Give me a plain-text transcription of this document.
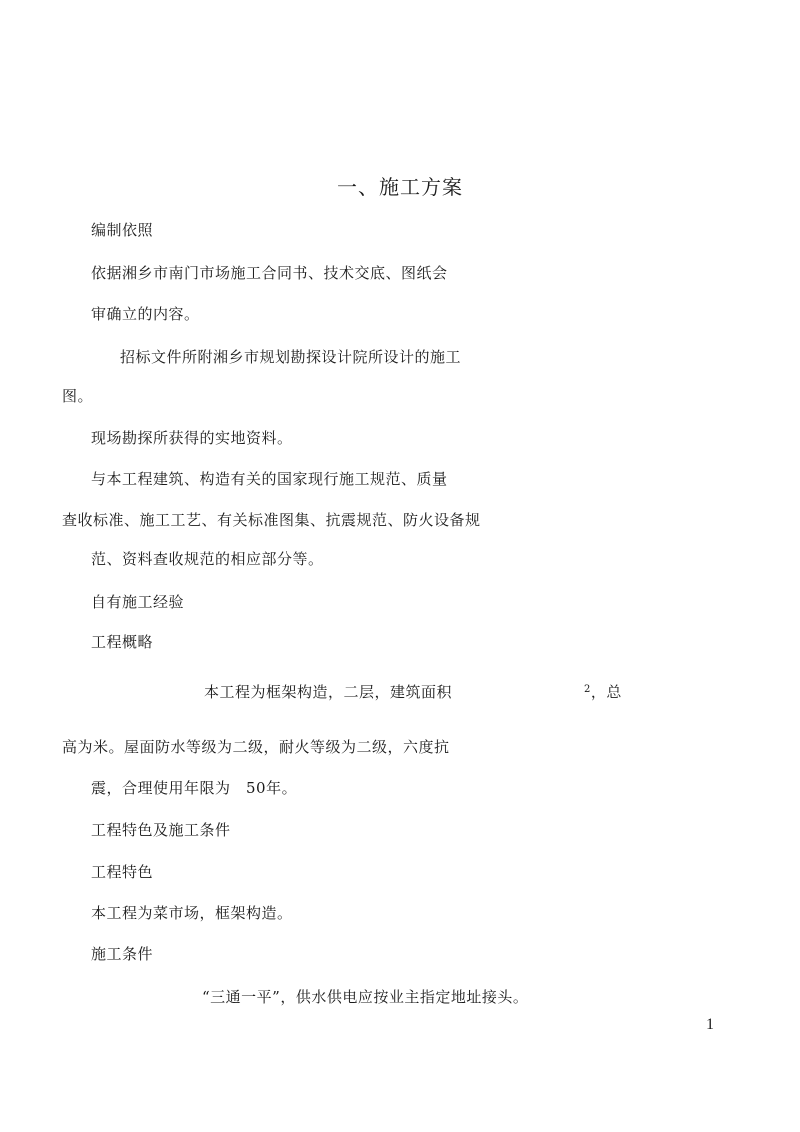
一、施工方案
编制依照
依据湘乡市南门市场施工合同书、技术交底、图纸会
审确立的内容。
招标文件所附湘乡市规划勘探设计院所设计的施工
图。
现场勘探所获得的实地资料。
与本工程建筑、构造有关的国家现行施工规范、质量
查收标准、施工工艺、有关标准图集、抗震规范、防火设备规
范、资料查收规范的相应部分等。
自有施工经验
工程概略
本工程为框架构造，二层，建筑面积	$^2$，总
高为米。屋面防水等级为二级，耐火等级为二级，六度抗
震，合理使用年限为　50年。
工程特色及施工条件
工程特色
本工程为菜市场，框架构造。
施工条件
“三通一平”，供水供电应按业主指定地址接头。
1
